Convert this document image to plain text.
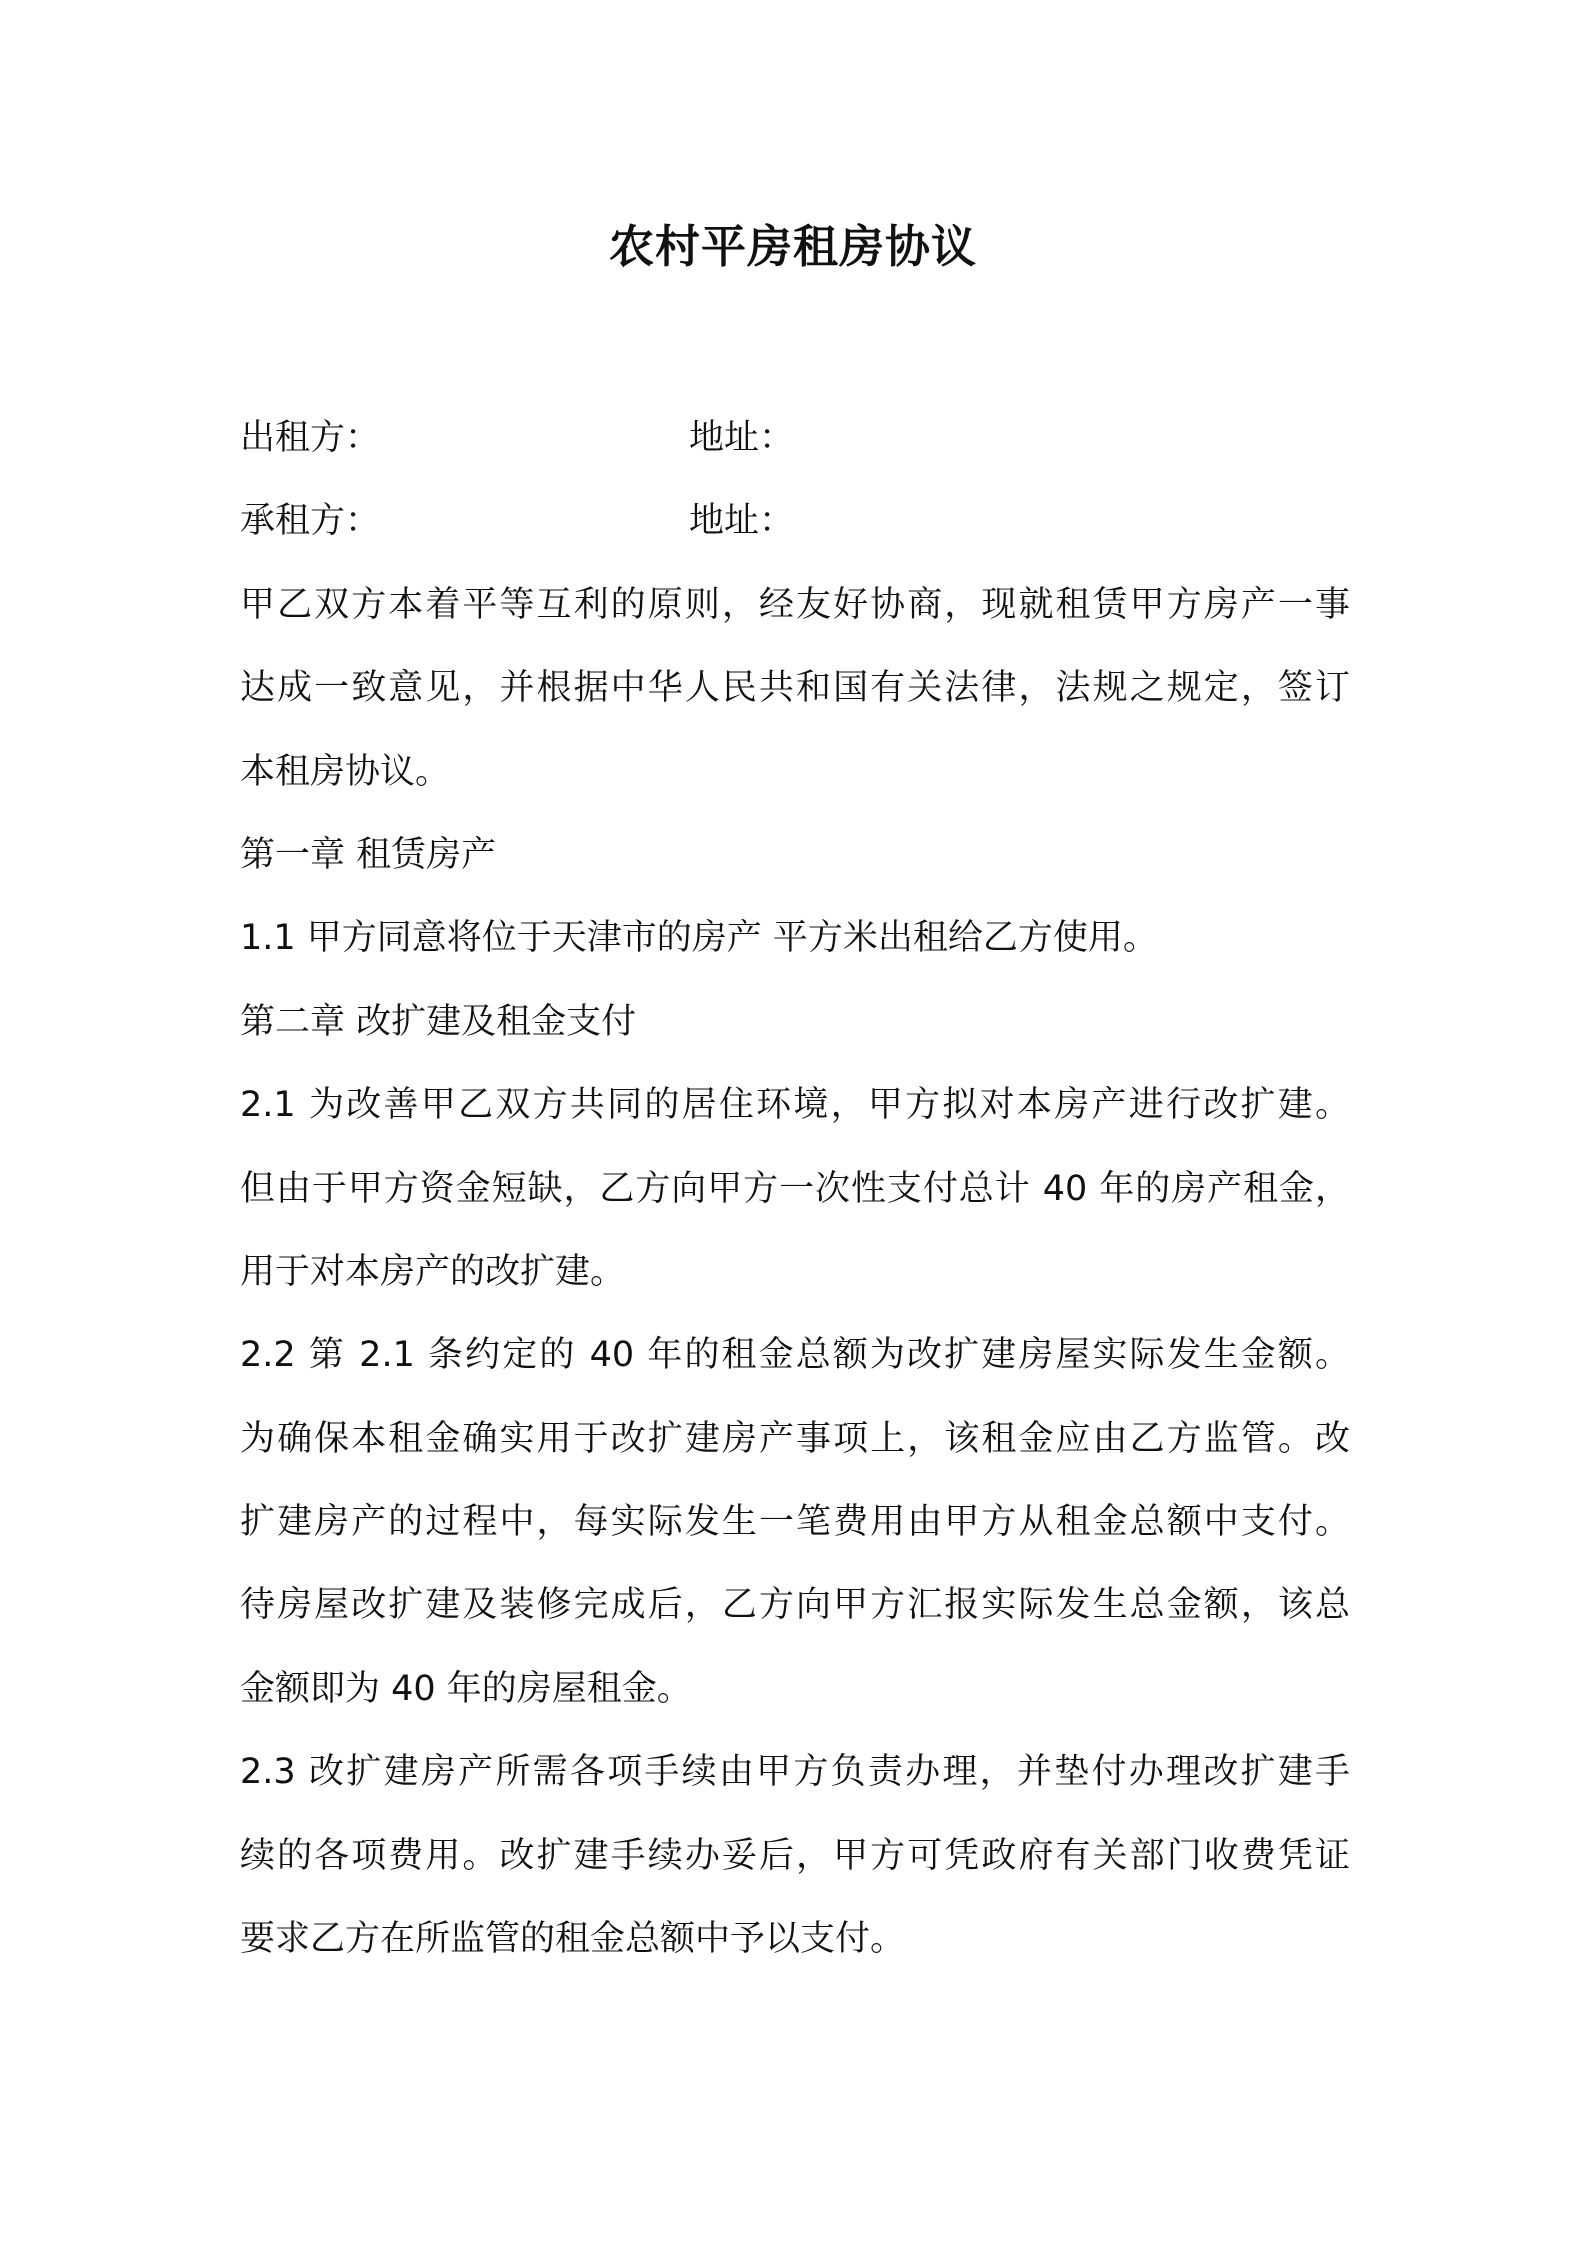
农村平房租房协议
出租方：	地址：
承租方：	地址：
甲乙双方本着平等互利的原则，经友好协商，现就租赁甲方房产一事
达成一致意见，并根据中华人民共和国有关法律，法规之规定，签订
本租房协议。
第一章 租赁房产
1.1 甲方同意将位于天津市的房产 平方米出租给乙方使用。
第二章 改扩建及租金支付
2.1 为改善甲乙双方共同的居住环境，甲方拟对本房产进行改扩建。
但由于甲方资金短缺，乙方向甲方一次性支付总计 40 年的房产租金，
用于对本房产的改扩建。
2.2 第 2.1 条约定的 40 年的租金总额为改扩建房屋实际发生金额。
为确保本租金确实用于改扩建房产事项上，该租金应由乙方监管。改
扩建房产的过程中，每实际发生一笔费用由甲方从租金总额中支付。
待房屋改扩建及装修完成后，乙方向甲方汇报实际发生总金额，该总
金额即为 40 年的房屋租金。
2.3 改扩建房产所需各项手续由甲方负责办理，并垫付办理改扩建手
续的各项费用。改扩建手续办妥后，甲方可凭政府有关部门收费凭证
要求乙方在所监管的租金总额中予以支付。
